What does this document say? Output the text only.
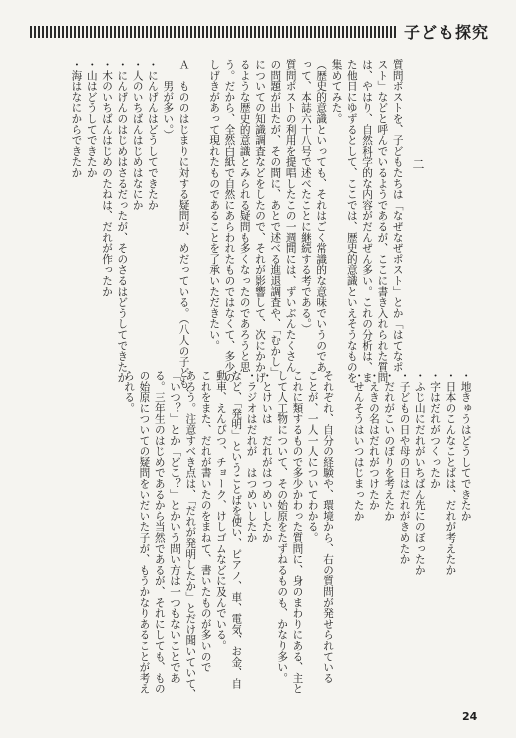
子ども探究
二

質問ボストを、子どもたちは「なぜなぜポスト」とか「はてなポ
スト」などと呼んでいるようであるが、ここに書き入れられた質問
は、やはり、自然科学的な内容がだんぜん多い。これの分析は、ま
た他日にゆずるとして、ここでは、歴史的意識といえそうなものを
集めてみた。
（歴史的意識といっても、それはごく常識的な意味でいうのであ
って、本誌六十八号で述べたことに継続する考である。）
質問ポストの利用を提唱したこの一週間には、ずいぶんたくさん
の問題が出たが、その間に、あとで述べる進退調査や、「むかし」
についての知識調査などをしたので、それが影響して、次にかかげ
るような歴史的意識とみられる疑問も多くなったのであろうと思
う。だから、全然白紙で自然にあらわれたものではなくて、多少の
しげきがあって現れたものであることを了承いただきたい。

Ａ　もののはじまりに対する疑問が、めだっている。（八人の子ども、
　　男が多い。）
・にんげんはどうしてできたか
・人のいちばんはじめはなにか
・にんげんのはじめはさるだったが、そのさるはどうしてできたか
・木のいちばんはじめのたねは、だれが作ったか
・山はどうしてできたか
・海はなにからできたか

・地きゅうはどうしてできたか
・日本のこんなことばは、だれが考えたか
・字はだれがつくったか
・ふじ山にだれがいちばん先にのぼったか
・子どもの日や母の日はだれがきめたか
・だれがこいのぼりを考えたか
・えきの名はだれがつけたか
・せんそうはいつはじまったか

それぞれ、自分の経験や、環境から、右の質問が発せられている
ことが、一人一人についてわかる。
これに類するもので多少かわった質問に、身のまわりにある、主と
して人工物について、その始原をたずねるものも、かなり多い。
・とけいは　だれがはつめいしたか
・ラジオはだれが　はつめいしたか
など、「発明」ということばを使い、ピアノ、車、電気、お金、自
動車、えんぴつ、チョーク、けしゴムなどに及んでいる。
これをまた、だれが書いたのをまねて、書いたものが多いので
あろう。注意すべき点は、「だれが発明したか」とだけ聞いていて、
「いつ？」とか「どこ？」とかいう問い方は一つもないことであ
る。三年生のはじめであるから当然であるが、それにしても、もの
の始原についての疑問をいだいた子が、もうかなりあることが考え
られる。

24
